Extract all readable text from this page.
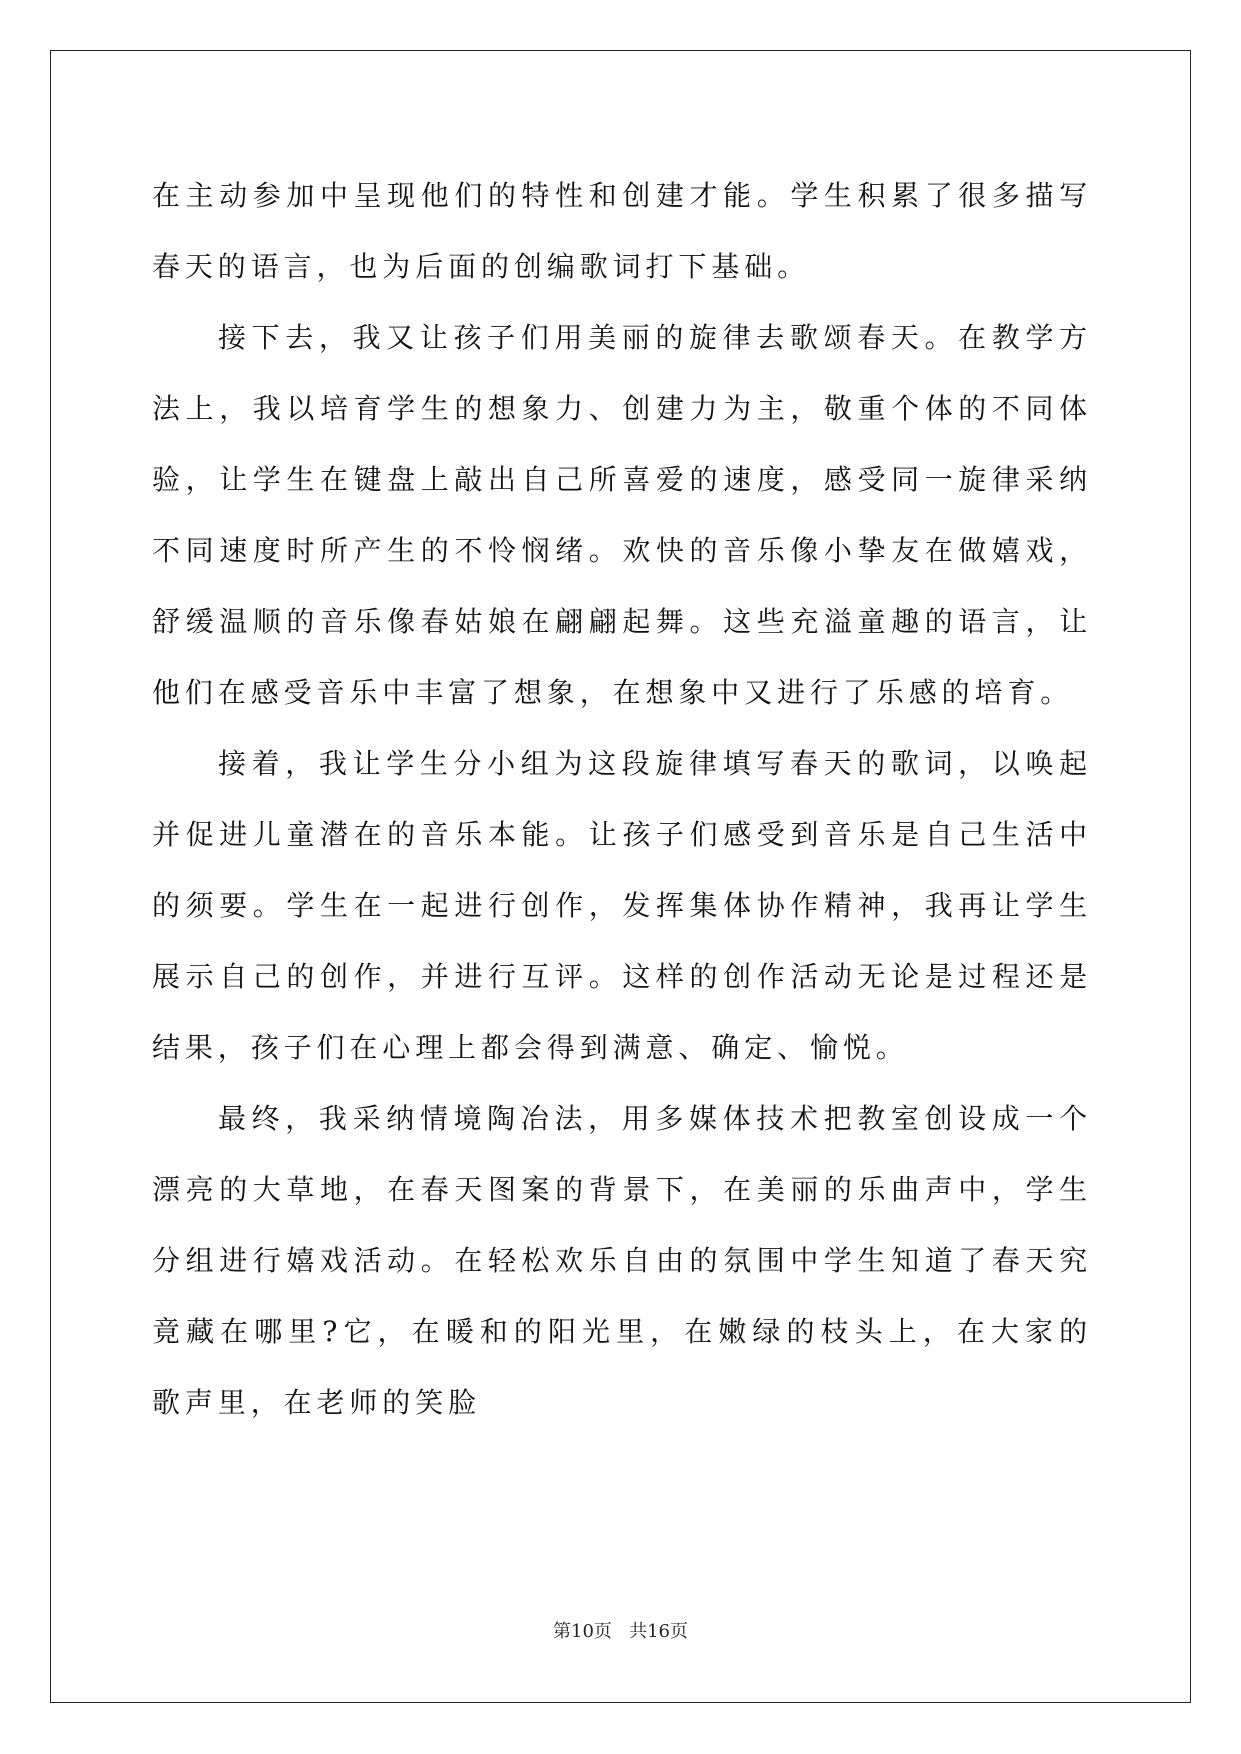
在主动参加中呈现他们的特性和创建才能。学生积累了很多描写春天的语言，也为后面的创编歌词打下基础。

接下去，我又让孩子们用美丽的旋律去歌颂春天。在教学方法上，我以培育学生的想象力、创建力为主，敬重个体的不同体验，让学生在键盘上敲出自己所喜爱的速度，感受同一旋律采纳不同速度时所产生的不怜悯绪。欢快的音乐像小挚友在做嬉戏，舒缓温顺的音乐像春姑娘在翩翩起舞。这些充溢童趣的语言，让他们在感受音乐中丰富了想象，在想象中又进行了乐感的培育。

接着，我让学生分小组为这段旋律填写春天的歌词，以唤起并促进儿童潜在的音乐本能。让孩子们感受到音乐是自己生活中的须要。学生在一起进行创作，发挥集体协作精神，我再让学生展示自己的创作，并进行互评。这样的创作活动无论是过程还是结果，孩子们在心理上都会得到满意、确定、愉悦。

最终，我采纳情境陶冶法，用多媒体技术把教室创设成一个漂亮的大草地，在春天图案的背景下，在美丽的乐曲声中，学生分组进行嬉戏活动。在轻松欢乐自由的氛围中学生知道了春天究竟藏在哪里?它，在暖和的阳光里，在嫩绿的枝头上，在大家的歌声里，在老师的笑脸

第10页 共16页
